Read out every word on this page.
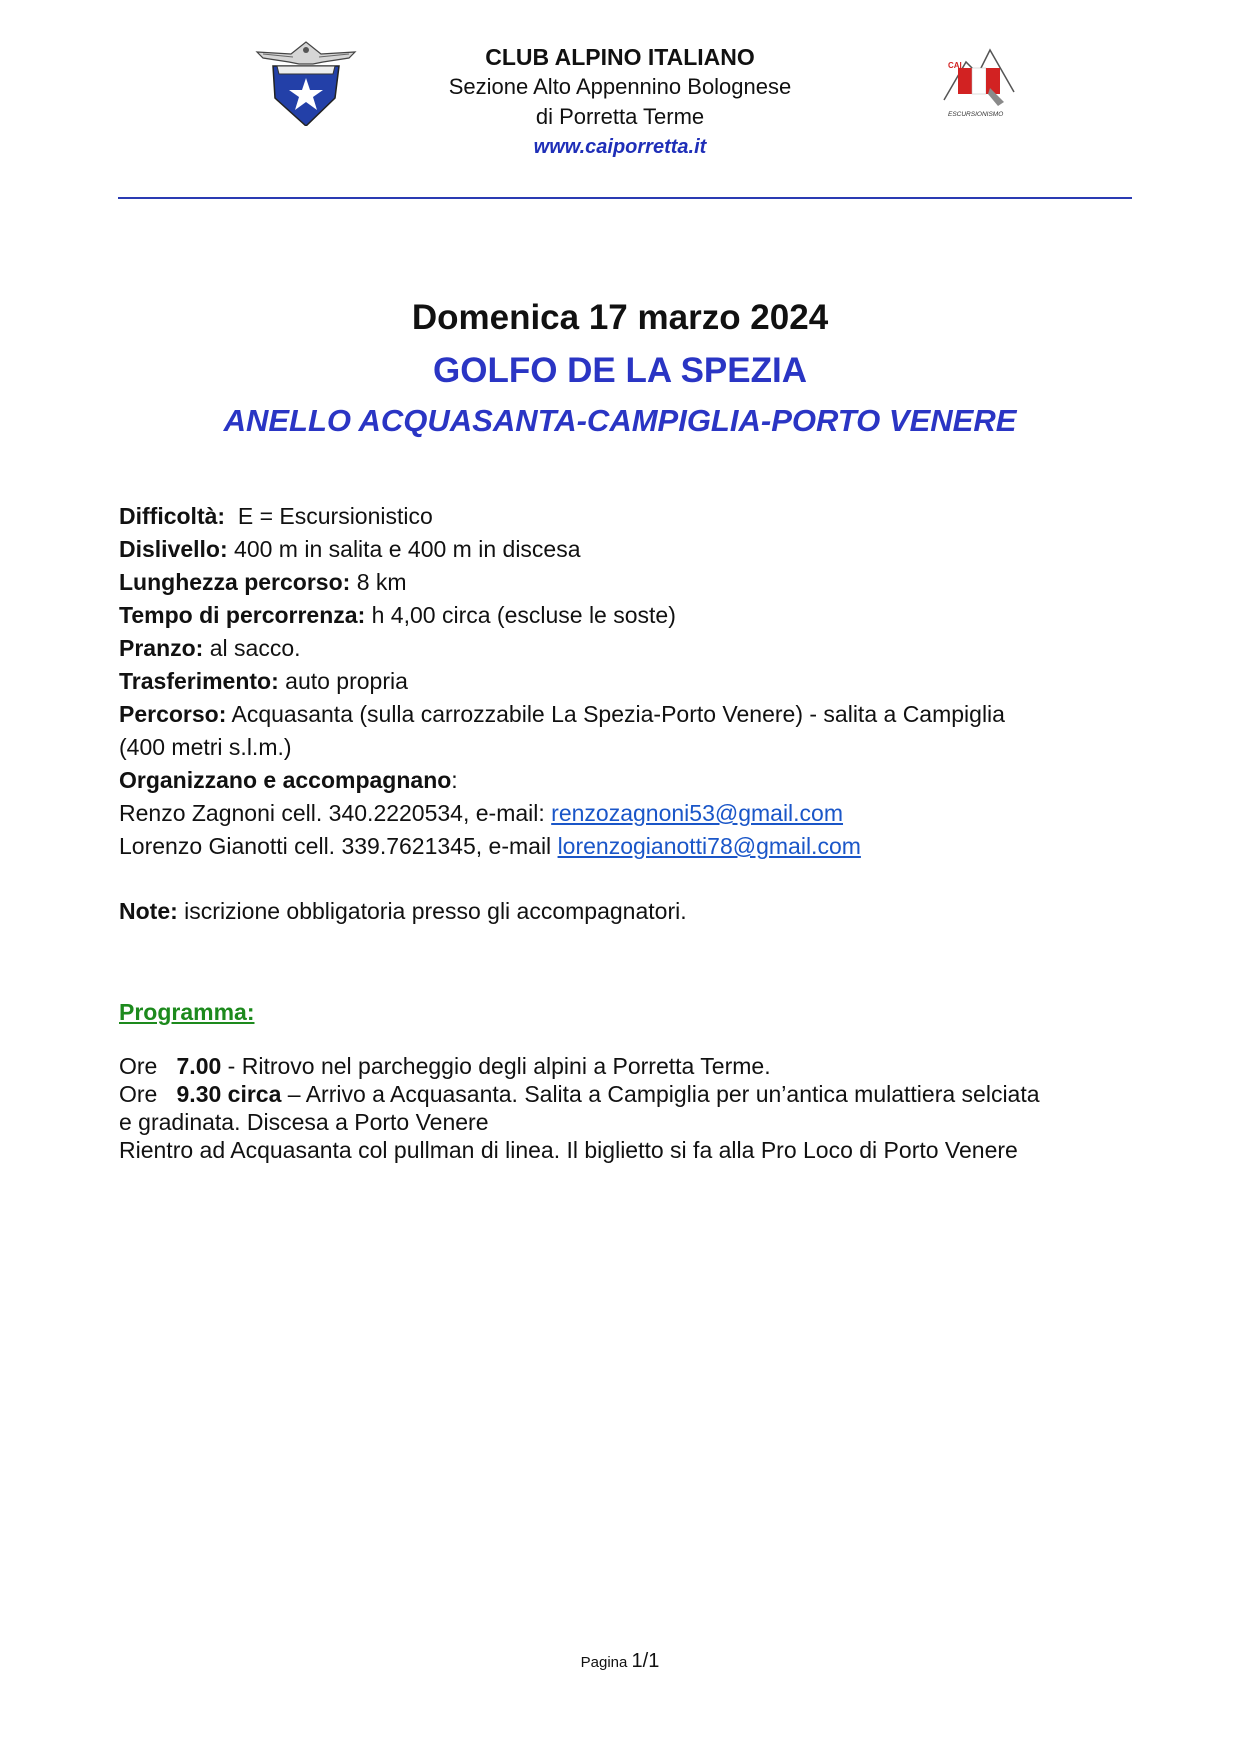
CAI
ESCURSIONISMO
CLUB ALPINO ITALIANO
Sezione Alto Appennino Bolognese
di Porretta Terme
www.caiporretta.it
Domenica 17 marzo 2024
GOLFO DE LA SPEZIA
ANELLO ACQUASANTA-CAMPIGLIA-PORTO VENERE
Difficoltà: E = Escursionistico
Dislivello: 400 m in salita e 400 m in discesa
Lunghezza percorso: 8 km
Tempo di percorrenza: h 4,00 circa (escluse le soste)
Pranzo: al sacco.
Trasferimento: auto propria
Percorso: Acquasanta (sulla carrozzabile La Spezia-Porto Venere) - salita a Campiglia
(400 metri s.l.m.)
Organizzano e accompagnano:
Renzo Zagnoni cell. 340.2220534, e-mail: renzozagnoni53@gmail.com
Lorenzo Gianotti cell. 339.7621345, e-mail lorenzogianotti78@gmail.com
Note: iscrizione obbligatoria presso gli accompagnatori.
Programma:
Ore 7.00 - Ritrovo nel parcheggio degli alpini a Porretta Terme.
Ore 9.30 circa – Arrivo a Acquasanta. Salita a Campiglia per un’antica mulattiera selciata
e gradinata. Discesa a Porto Venere
Rientro ad Acquasanta col pullman di linea. Il biglietto si fa alla Pro Loco di Porto Venere
Pagina 1/1
